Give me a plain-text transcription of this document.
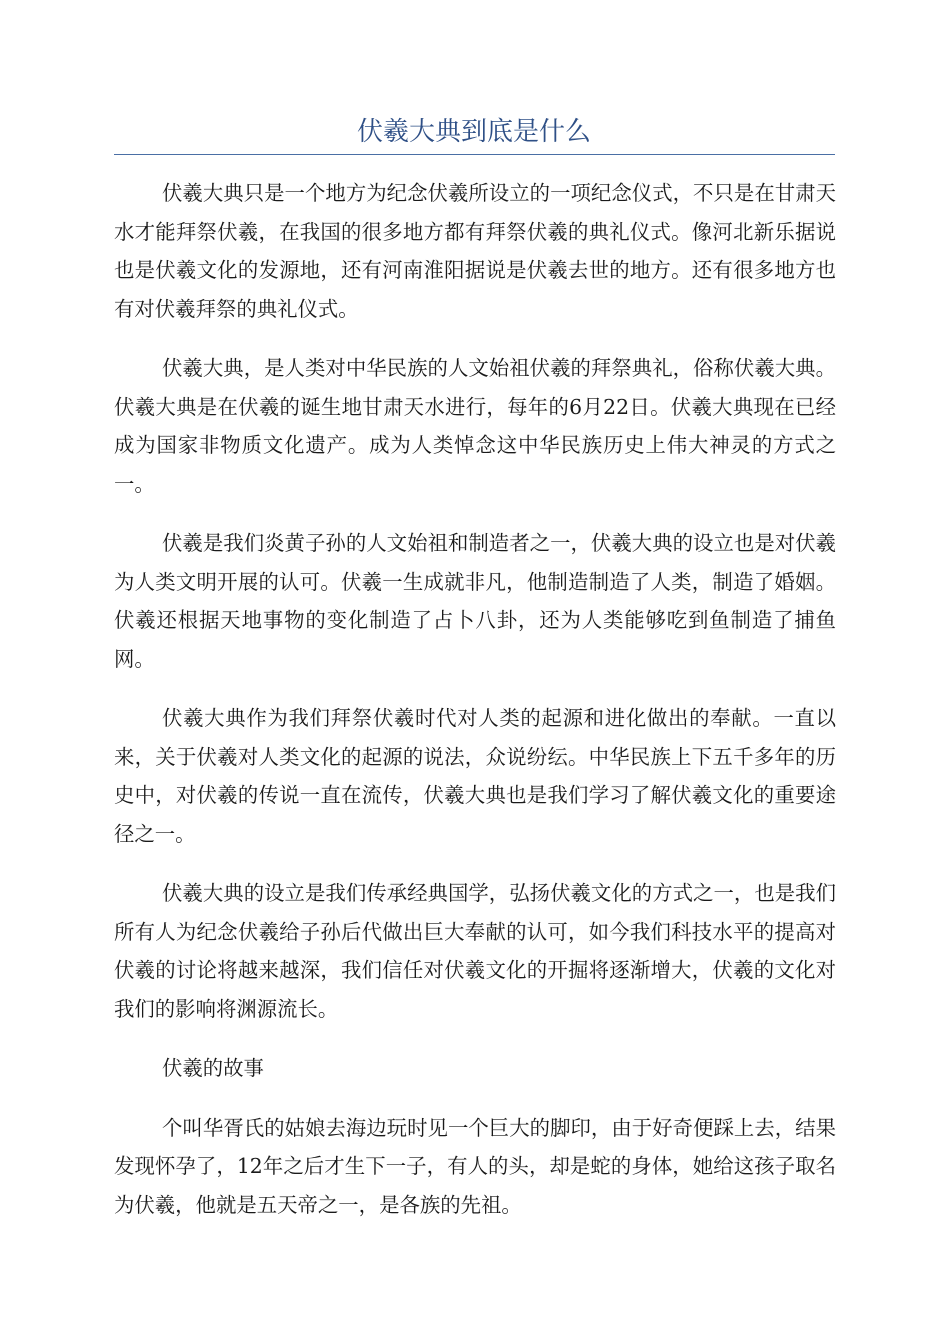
伏羲大典到底是什么

伏羲大典只是一个地方为纪念伏羲所设立的一项纪念仪式，不只是在甘肃天水才能拜祭伏羲，在我国的很多地方都有拜祭伏羲的典礼仪式。像河北新乐据说也是伏羲文化的发源地，还有河南淮阳据说是伏羲去世的地方。还有很多地方也有对伏羲拜祭的典礼仪式。

伏羲大典，是人类对中华民族的人文始祖伏羲的拜祭典礼，俗称伏羲大典。伏羲大典是在伏羲的诞生地甘肃天水进行，每年的6月22日。伏羲大典现在已经成为国家非物质文化遗产。成为人类悼念这中华民族历史上伟大神灵的方式之一。

伏羲是我们炎黄子孙的人文始祖和制造者之一，伏羲大典的设立也是对伏羲为人类文明开展的认可。伏羲一生成就非凡，他制造制造了人类，制造了婚姻。伏羲还根据天地事物的变化制造了占卜八卦，还为人类能够吃到鱼制造了捕鱼网。

伏羲大典作为我们拜祭伏羲时代对人类的起源和进化做出的奉献。一直以来，关于伏羲对人类文化的起源的说法，众说纷纭。中华民族上下五千多年的历史中，对伏羲的传说一直在流传，伏羲大典也是我们学习了解伏羲文化的重要途径之一。

伏羲大典的设立是我们传承经典国学，弘扬伏羲文化的方式之一，也是我们所有人为纪念伏羲给子孙后代做出巨大奉献的认可，如今我们科技水平的提高对伏羲的讨论将越来越深，我们信任对伏羲文化的开掘将逐渐增大，伏羲的文化对我们的影响将渊源流长。

伏羲的故事

个叫华胥氏的姑娘去海边玩时见一个巨大的脚印，由于好奇便踩上去，结果发现怀孕了，12年之后才生下一子，有人的头，却是蛇的身体，她给这孩子取名为伏羲，他就是五天帝之一，是各族的先祖。
